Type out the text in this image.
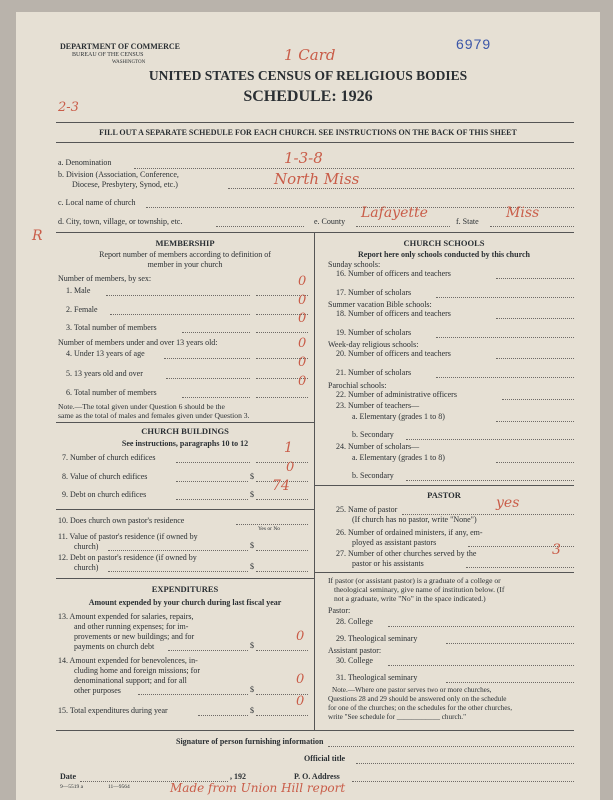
DEPARTMENT OF COMMERCE
BUREAU OF THE CENSUS
WASHINGTON	1 Card
6979
UNITED STATES CENSUS OF RELIGIOUS BODIES
SCHEDULE: 1926
2-3
FILL OUT A SEPARATE SCHEDULE FOR EACH CHURCH. SEE INSTRUCTIONS ON THE BACK OF THIS SHEET
a. Denomination	1-3-8
b. Division (Association, Conference,
Diocese, Presbytery, Synod, etc.)	North Miss
c. Local name of church
d. City, town, village, or township, etc.	e. County
Lafayette
f. State
Miss
R	MEMBERSHIP
Report number of members according to definition of
member in your church
Number of members, by sex:
1. Male
0
2. Female
0
3. Total number of members
0
Number of members under and over 13 years old:
4. Under 13 years of age
0
5. 13 years old and over
0
6. Total number of members
0
Note.—The total given under Question 6 should be the
same as the total of males and females given under Question 3.
CHURCH BUILDINGS
See instructions, paragraphs 10 to 12
7. Number of church edifices
1
8. Value of church edifices	$
0
9. Debt on church edifices	$
74
10. Does church own pastor's residence
Yes or No
11. Value of pastor's residence (if owned by
church)	$
12. Debt on pastor's residence (if owned by
church)	$
EXPENDITURES
Amount expended by your church during last fiscal year
13. Amount expended for salaries, repairs,
and other running expenses; for im-
provements or new buildings; and for
payments on church debt	$
0
14. Amount expended for benevolences, in-
cluding home and foreign missions; for
denominational support; and for all
other purposes	$
0
15. Total expenditures during year	$
0
CHURCH SCHOOLS
Report here only schools conducted by this church
Sunday schools:
16. Number of officers and teachers
17. Number of scholars
Summer vacation Bible schools:
18. Number of officers and teachers
19. Number of scholars
Week-day religious schools:
20. Number of officers and teachers
21. Number of scholars
Parochial schools:
22. Number of administrative officers
23. Number of teachers—
a. Elementary (grades 1 to 8)
b. Secondary
24. Number of scholars—
a. Elementary (grades 1 to 8)
b. Secondary
PASTOR
25. Name of pastor	yes
(If church has no pastor, write "None")
26. Number of ordained ministers, if any, em-
ployed as assistant pastors
27. Number of other churches served by the
pastor or his assistants
3
If pastor (or assistant pastor) is a graduate of a college or
theological seminary, give name of institution below. (If
not a graduate, write "No" in the space indicated.)
Pastor:
28. College
29. Theological seminary
Assistant pastor:
30. College
31. Theological seminary
Note.—Where one pastor serves two or more churches,
Questions 28 and 29 should be answered only on the schedule
for one of the churches; on the schedules for the other churches,
write "See schedule for ____________ church."
Signature of person furnishing information
Official title
Date	, 192	P. O. Address
9—5519 a	11—9564	Made from Union Hill report
